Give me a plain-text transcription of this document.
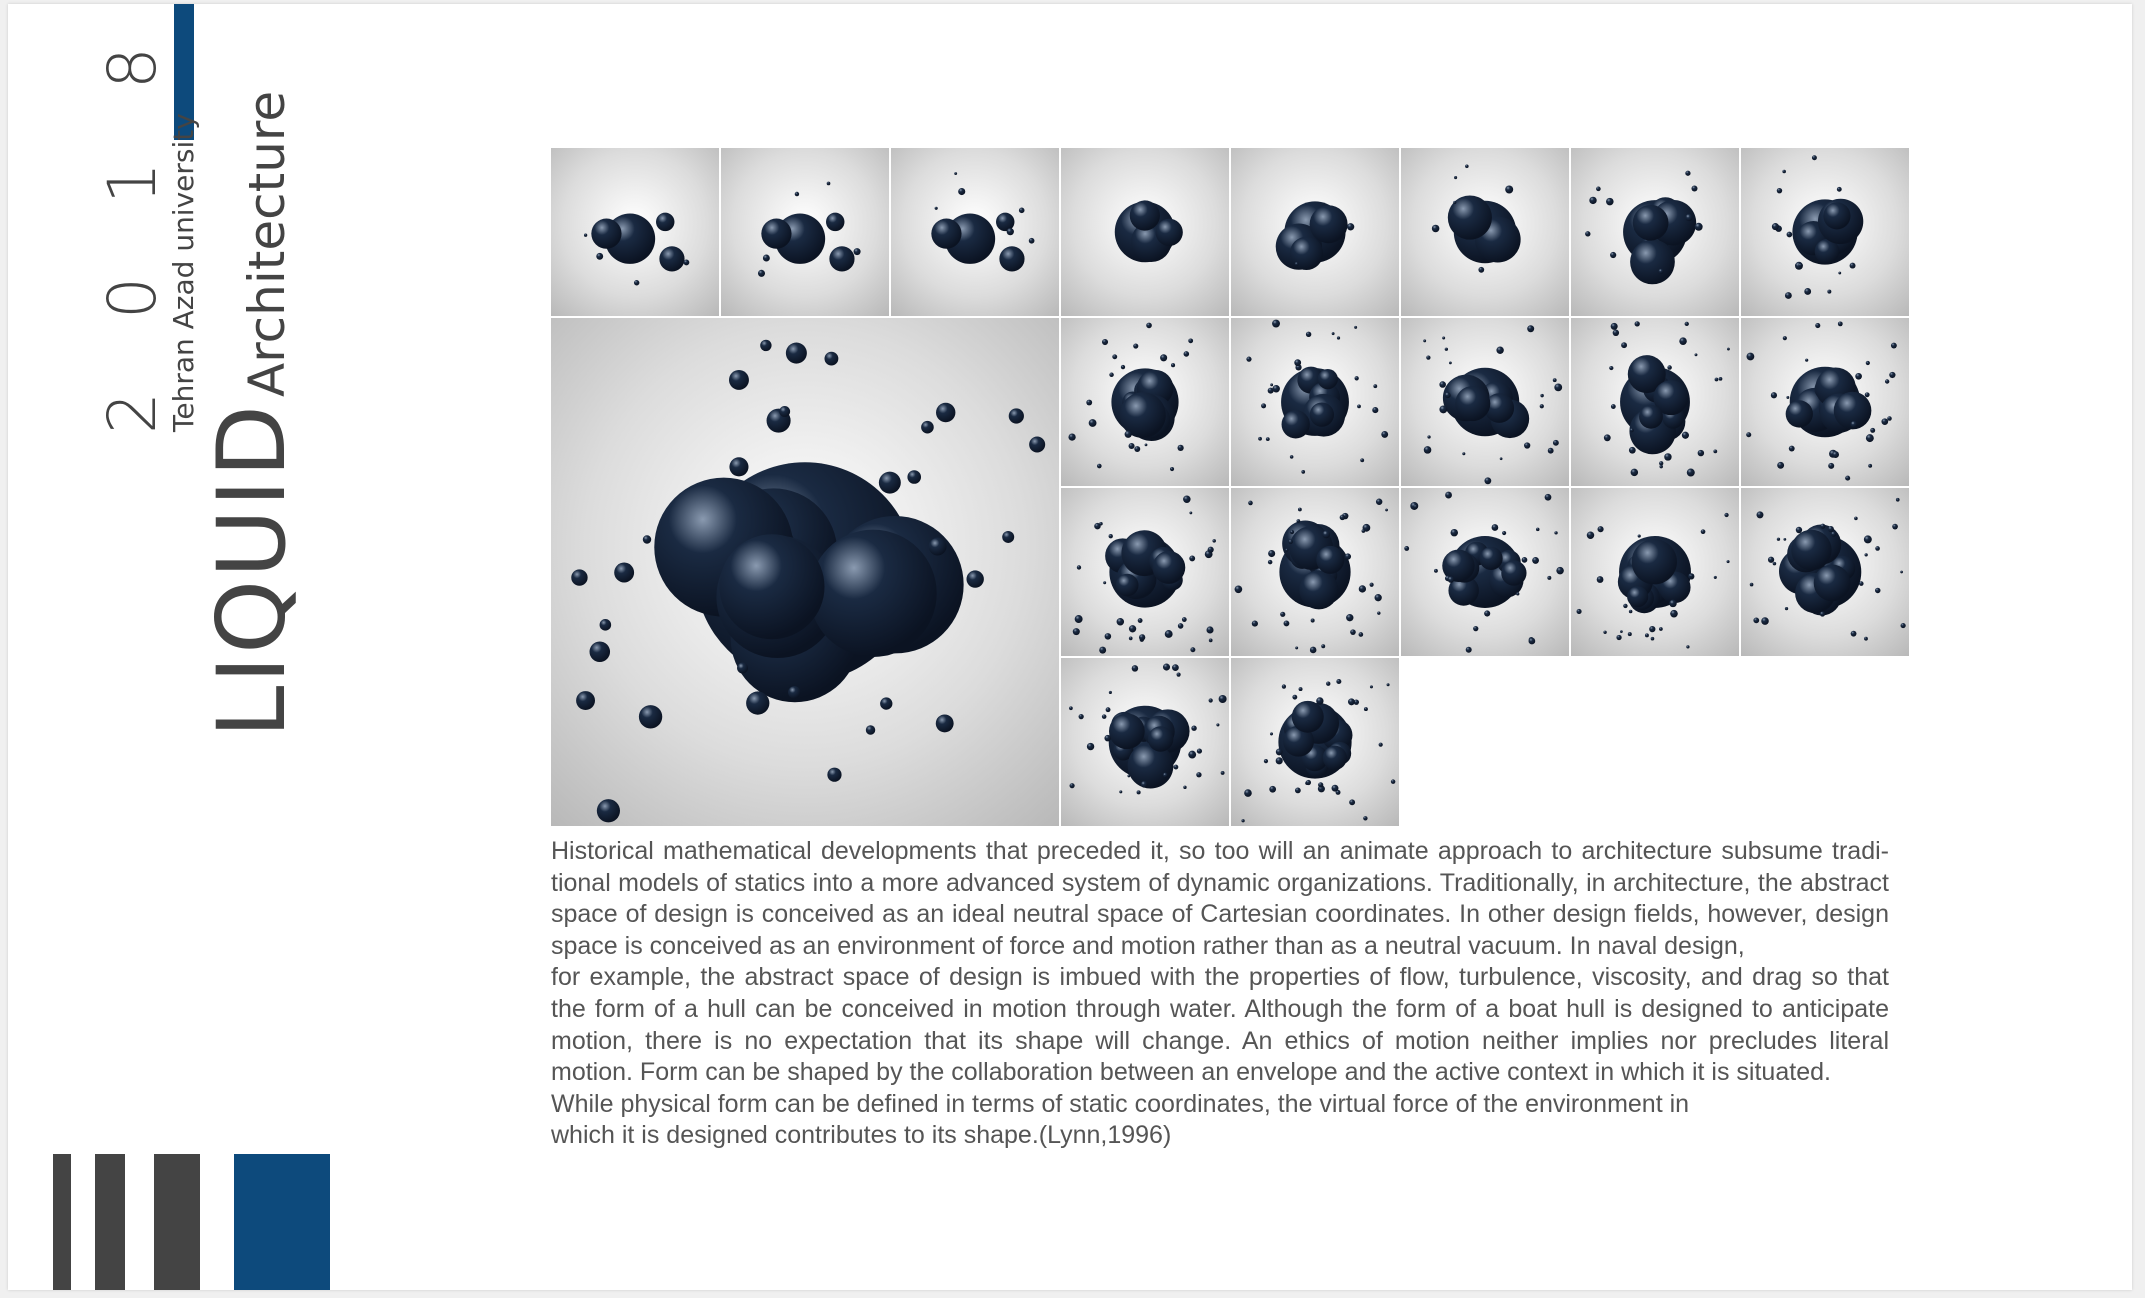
2 0 1 8
Tehran Azad university
LIQUIDArchitecture
Historical mathematical developments that preceded it, so too will an animate approach to architecture subsume tradi-
tional models of statics into a more advanced system of dynamic organizations. Traditionally, in architecture, the abstract
space of design is conceived as an ideal neutral space of Cartesian coordinates. In other design fields, however, design
space is conceived as an environment of force and motion rather than as a neutral vacuum. In naval design,
for example, the abstract space of design is imbued with the properties of flow, turbulence, viscosity, and drag so that
the form of a hull can be conceived in motion through water. Although the form of a boat hull is designed to anticipate
motion, there is no expectation that its shape will change. An ethics of motion neither implies nor precludes literal
motion. Form can be shaped by the collaboration between an envelope and the active context in which it is situated.
While physical form can be defined in terms of static coordinates, the virtual force of the environment in
which it is designed contributes to its shape.(Lynn,1996)
